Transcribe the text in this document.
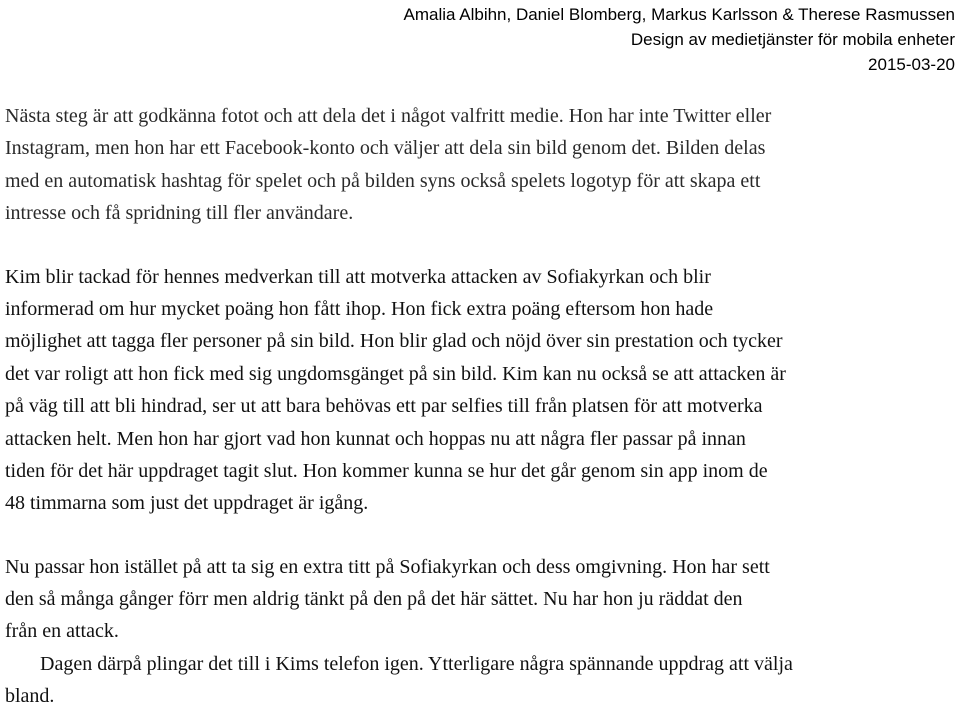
Amalia Albihn, Daniel Blomberg, Markus Karlsson & Therese Rasmussen
Design av medietjänster för mobila enheter
2015-03-20
Nästa steg är att godkänna fotot och att dela det i något valfritt medie. Hon har inte Twitter eller
Instagram, men hon har ett Facebook-konto och väljer att dela sin bild genom det. Bilden delas
med en automatisk hashtag för spelet och på bilden syns också spelets logotyp för att skapa ett
intresse och få spridning till fler användare.
Kim blir tackad för hennes medverkan till att motverka attacken av Sofiakyrkan och blir
informerad om hur mycket poäng hon fått ihop. Hon fick extra poäng eftersom hon hade
möjlighet att tagga fler personer på sin bild. Hon blir glad och nöjd över sin prestation och tycker
det var roligt att hon fick med sig ungdomsgänget på sin bild. Kim kan nu också se att attacken är
på väg till att bli hindrad, ser ut att bara behövas ett par selfies till från platsen för att motverka
attacken helt. Men hon har gjort vad hon kunnat och hoppas nu att några fler passar på innan
tiden för det här uppdraget tagit slut. Hon kommer kunna se hur det går genom sin app inom de
48 timmarna som just det uppdraget är igång.
Nu passar hon istället på att ta sig en extra titt på Sofiakyrkan och dess omgivning. Hon har sett
den så många gånger förr men aldrig tänkt på den på det här sättet. Nu har hon ju räddat den
från en attack.
Dagen därpå plingar det till i Kims telefon igen. Ytterligare några spännande uppdrag att välja
bland.
